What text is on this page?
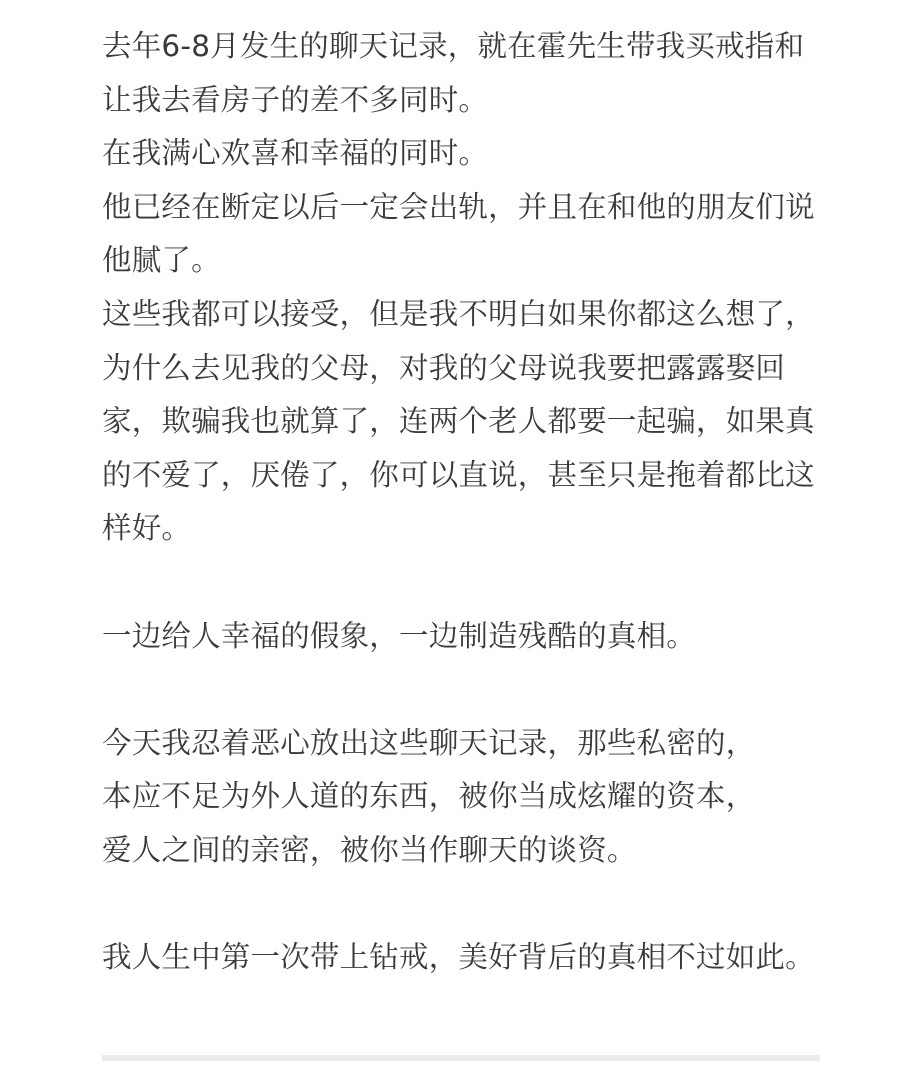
去年6-8月发生的聊天记录，就在霍先生带我买戒指和让我去看房子的差不多同时。

在我满心欢喜和幸福的同时。

他已经在断定以后一定会出轨，并且在和他的朋友们说他腻了。

这些我都可以接受，但是我不明白如果你都这么想了，为什么去见我的父母，对我的父母说我要把露露娶回家，欺骗我也就算了，连两个老人都要一起骗，如果真的不爱了，厌倦了，你可以直说，甚至只是拖着都比这样好。

一边给人幸福的假象，一边制造残酷的真相。

今天我忍着恶心放出这些聊天记录，那些私密的，

本应不足为外人道的东西，被你当成炫耀的资本，

爱人之间的亲密，被你当作聊天的谈资。

我人生中第一次带上钻戒，美好背后的真相不过如此。
